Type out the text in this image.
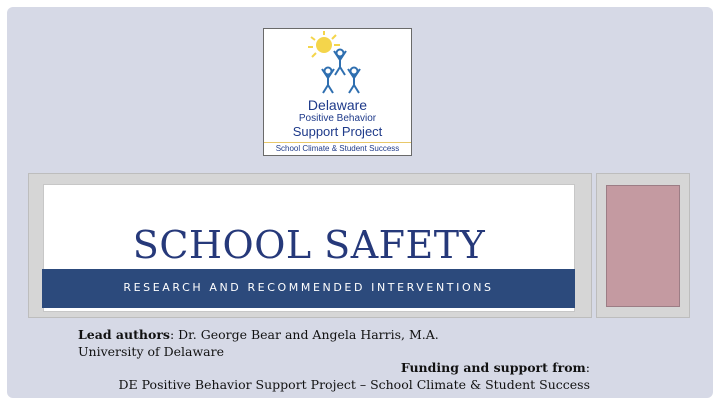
Delaware
Positive Behavior
Support Project
School Climate & Student Success
SCHOOL SAFETY
RESEARCH AND RECOMMENDED INTERVENTIONS
Lead authors: Dr. George Bear and Angela Harris, M.A.
University of Delaware
Funding and support from:
DE Positive Behavior Support Project – School Climate & Student Success
